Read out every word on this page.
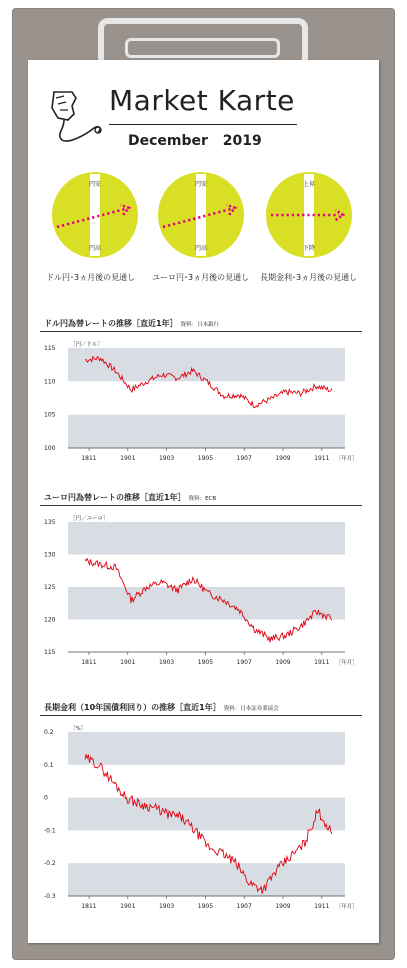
Market Karte
December 2019
ドル円為替レートの推移［直近1年］ 資料：日本銀行
115
110
105
100
［円／ドル］
1811	1901	1903	1905	1907	1909	1911 ［年月］
ユーロ円為替レートの推移［直近1年］ 資料：ECB
135
130
125
120
115
［円／ユーロ］
1811	1901	1903	1905	1907	1909	1911 ［年月］
長期金利（10年国債利回り）の推移［直近1年］ 資料：日本証券業協会
0.2
0.1
0
-0.1
-0.2
-0.3
［%］
1811	1901	1903	1905	1907	1909	1911 ［年月］
円安
円高
ドル円･3ヵ月後の見通し
円安
円高
ユーロ円･3ヵ月後の見通し
上昇
下降
長期金利･3ヵ月後の見通し
